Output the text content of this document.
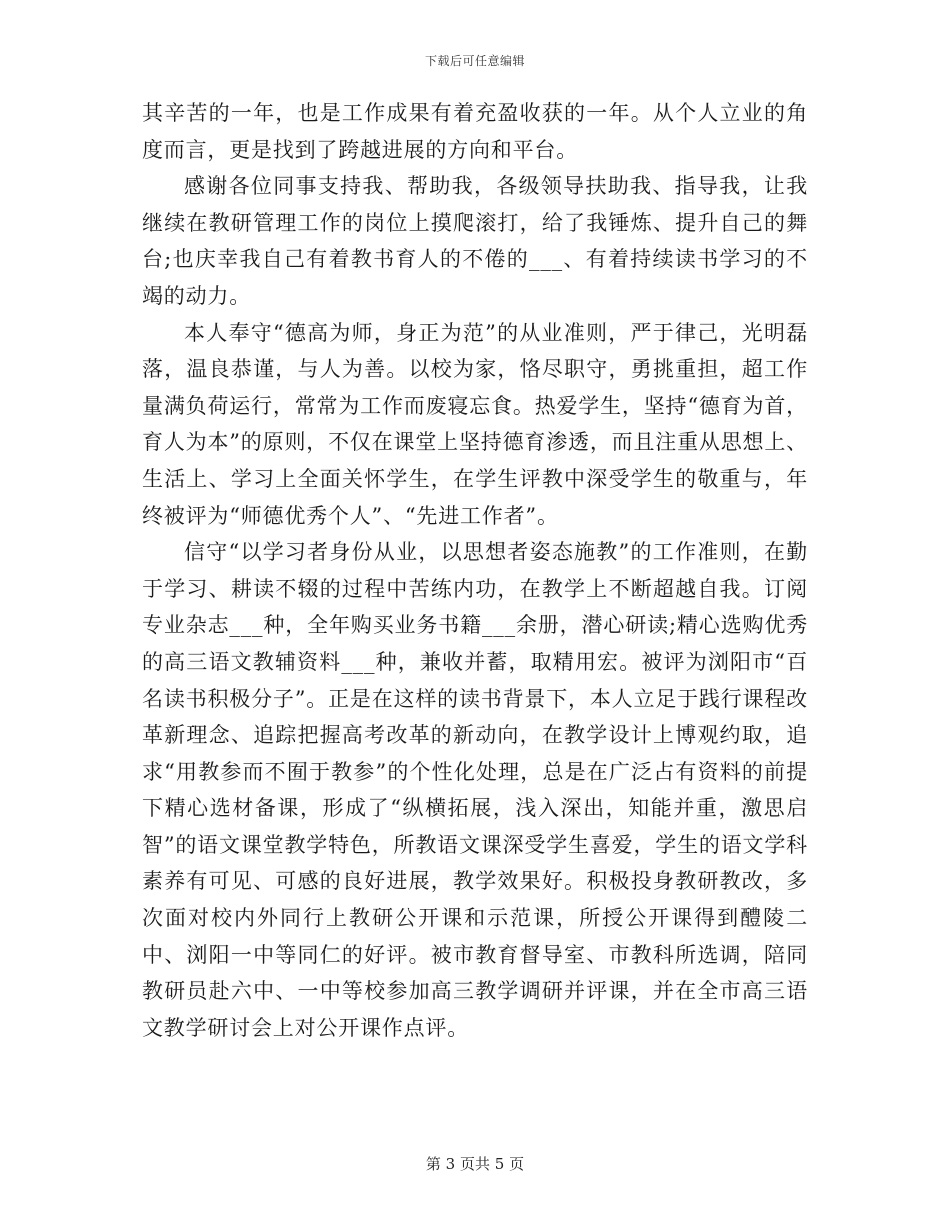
下载后可任意编辑

其辛苦的一年，也是工作成果有着充盈收获的一年。从个人立业的角度而言，更是找到了跨越进展的方向和平台。

感谢各位同事支持我、帮助我，各级领导扶助我、指导我，让我继续在教研管理工作的岗位上摸爬滚打，给了我锤炼、提升自己的舞台;也庆幸我自己有着教书育人的不倦的___、有着持续读书学习的不竭的动力。

本人奉守“德高为师，身正为范”的从业准则，严于律己，光明磊落，温良恭谨，与人为善。以校为家，恪尽职守，勇挑重担，超工作量满负荷运行，常常为工作而废寝忘食。热爱学生，坚持“德育为首，育人为本”的原则，不仅在课堂上坚持德育渗透，而且注重从思想上、生活上、学习上全面关怀学生，在学生评教中深受学生的敬重与，年终被评为“师德优秀个人”、“先进工作者”。

信守“以学习者身份从业，以思想者姿态施教”的工作准则，在勤于学习、耕读不辍的过程中苦练内功，在教学上不断超越自我。订阅专业杂志___种，全年购买业务书籍___余册，潜心研读;精心选购优秀的高三语文教辅资料___种，兼收并蓄，取精用宏。被评为浏阳市“百名读书积极分子”。正是在这样的读书背景下，本人立足于践行课程改革新理念、追踪把握高考改革的新动向，在教学设计上博观约取，追求“用教参而不囿于教参”的个性化处理，总是在广泛占有资料的前提下精心选材备课，形成了“纵横拓展，浅入深出，知能并重，激思启智”的语文课堂教学特色，所教语文课深受学生喜爱，学生的语文学科素养有可见、可感的良好进展，教学效果好。积极投身教研教改，多次面对校内外同行上教研公开课和示范课，所授公开课得到醴陵二中、浏阳一中等同仁的好评。被市教育督导室、市教科所选调，陪同教研员赴六中、一中等校参加高三教学调研并评课，并在全市高三语文教学研讨会上对公开课作点评。

第 3 页共 5 页
